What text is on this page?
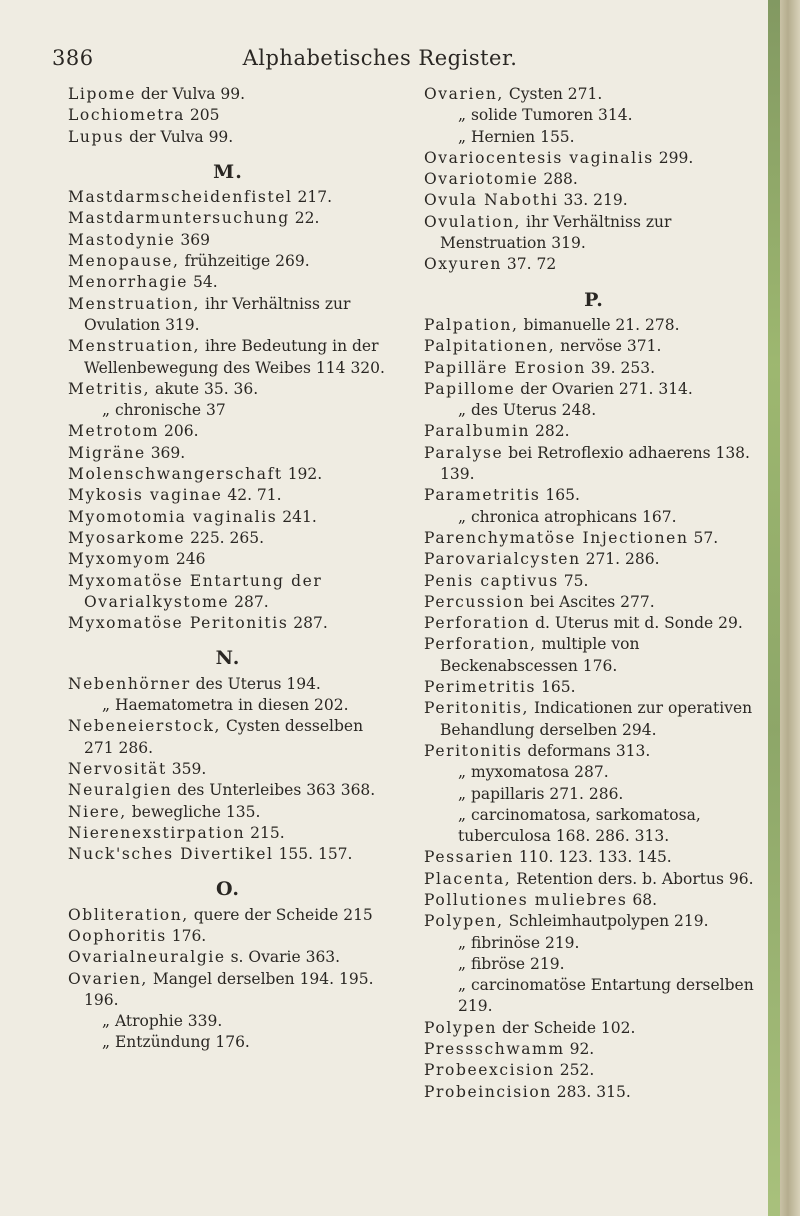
386	Alphabetisches Register.
Lipome der Vulva 99.
Lochiometra 205
Lupus der Vulva 99.
M.
Mastdarmscheidenfistel 217.
Mastdarmuntersuchung 22.
Mastodynie 369
Menopause, frühzeitige 269.
Menorrhagie 54.
Menstruation, ihr Verhältniss zur Ovulation 319.
Menstruation, ihre Bedeutung in der Wellenbewegung des Weibes 114 320.
Metritis, akute 35. 36.
„ chronische 37
Metrotom 206.
Migräne 369.
Molenschwangerschaft 192.
Mykosis vaginae 42. 71.
Myomotomia vaginalis 241.
Myosarkome 225. 265.
Myxomyom 246
Myxomatöse Entartung der Ovarialkystome 287.
Myxomatöse Peritonitis 287.
N.
Nebenhörner des Uterus 194.
„ Haematometra in diesen 202.
Nebeneierstock, Cysten desselben 271 286.
Nervosität 359.
Neuralgien des Unterleibes 363 368.
Niere, bewegliche 135.
Nierenexstirpation 215.
Nuck'sches Divertikel 155. 157.
O.
Obliteration, quere der Scheide 215
Oophoritis 176.
Ovarialneuralgie s. Ovarie 363.
Ovarien, Mangel derselben 194. 195. 196.
„ Atrophie 339.
„ Entzündung 176.
Ovarien, Cysten 271.
„ solide Tumoren 314.
„ Hernien 155.
Ovariocentesis vaginalis 299.
Ovariotomie 288.
Ovula Nabothi 33. 219.
Ovulation, ihr Verhältniss zur Menstruation 319.
Oxyuren 37. 72
P.
Palpation, bimanuelle 21. 278.
Palpitationen, nervöse 371.
Papilläre Erosion 39. 253.
Papillome der Ovarien 271. 314.
„ des Uterus 248.
Paralbumin 282.
Paralyse bei Retroflexio adhaerens 138. 139.
Parametritis 165.
„ chronica atrophicans 167.
Parenchymatöse Injectionen 57.
Parovarialcysten 271. 286.
Penis captivus 75.
Percussion bei Ascites 277.
Perforation d. Uterus mit d. Sonde 29.
Perforation, multiple von Beckenabscessen 176.
Perimetritis 165.
Peritonitis, Indicationen zur operativen Behandlung derselben 294.
Peritonitis deformans 313.
„ myxomatosa 287.
„ papillaris 271. 286.
„ carcinomatosa, sarkomatosa, tuberculosa 168. 286. 313.
Pessarien 110. 123. 133. 145.
Placenta, Retention ders. b. Abortus 96.
Pollutiones muliebres 68.
Polypen, Schleimhautpolypen 219.
„ fibrinöse 219.
„ fibröse 219.
„ carcinomatöse Entartung derselben 219.
Polypen der Scheide 102.
Pressschwamm 92.
Probeexcision 252.
Probeincision 283. 315.
